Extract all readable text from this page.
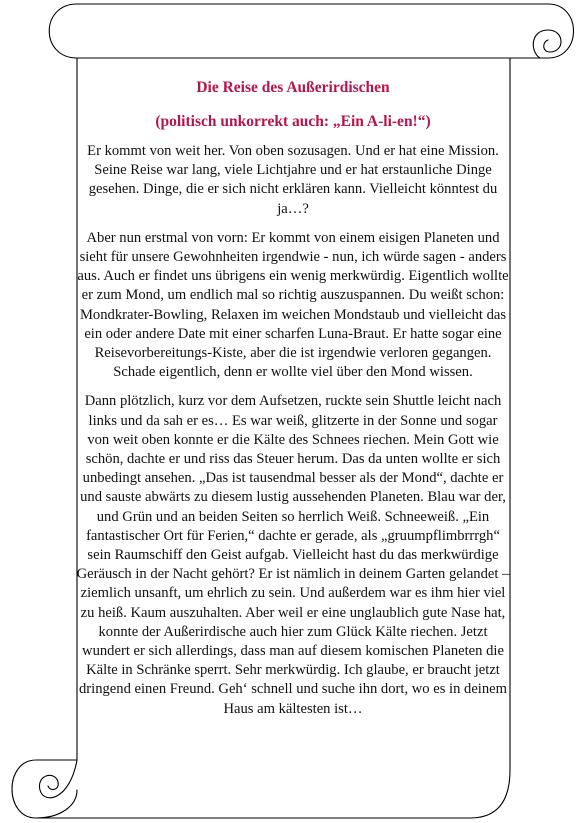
Die Reise des Außerirdischen

(politisch unkorrekt auch: „Ein A-li-en!“)

Er kommt von weit her. Von oben sozusagen. Und er hat eine Mission. Seine Reise war lang, viele Lichtjahre und er hat erstaunliche Dinge gesehen. Dinge, die er sich nicht erklären kann. Vielleicht könntest du ja…?

Aber nun erstmal von vorn: Er kommt von einem eisigen Planeten und sieht für unsere Gewohnheiten irgendwie - nun, ich würde sagen - anders aus. Auch er findet uns übrigens ein wenig merkwürdig. Eigentlich wollte er zum Mond, um endlich mal so richtig auszuspannen. Du weißt schon: Mondkrater-Bowling, Relaxen im weichen Mondstaub und vielleicht das ein oder andere Date mit einer scharfen Luna-Braut. Er hatte sogar eine Reisevorbereitungs-Kiste, aber die ist irgendwie verloren gegangen. Schade eigentlich, denn er wollte viel über den Mond wissen.

Dann plötzlich, kurz vor dem Aufsetzen, ruckte sein Shuttle leicht nach links und da sah er es… Es war weiß, glitzerte in der Sonne und sogar von weit oben konnte er die Kälte des Schnees riechen. Mein Gott wie schön, dachte er und riss das Steuer herum. Das da unten wollte er sich unbedingt ansehen. „Das ist tausendmal besser als der Mond“, dachte er und sauste abwärts zu diesem lustig aussehenden Planeten. Blau war der, und Grün und an beiden Seiten so herrlich Weiß. Schneeweiß. „Ein fantastischer Ort für Ferien,“ dachte er gerade, als „gruumpflimbrrrgh“ sein Raumschiff den Geist aufgab. Vielleicht hast du das merkwürdige Geräusch in der Nacht gehört? Er ist nämlich in deinem Garten gelandet – ziemlich unsanft, um ehrlich zu sein. Und außerdem war es ihm hier viel zu heiß. Kaum auszuhalten. Aber weil er eine unglaublich gute Nase hat, konnte der Außerirdische auch hier zum Glück Kälte riechen. Jetzt wundert er sich allerdings, dass man auf diesem komischen Planeten die Kälte in Schränke sperrt. Sehr merkwürdig. Ich glaube, er braucht jetzt dringend einen Freund. Geh‘ schnell und suche ihn dort, wo es in deinem Haus am kältesten ist…
